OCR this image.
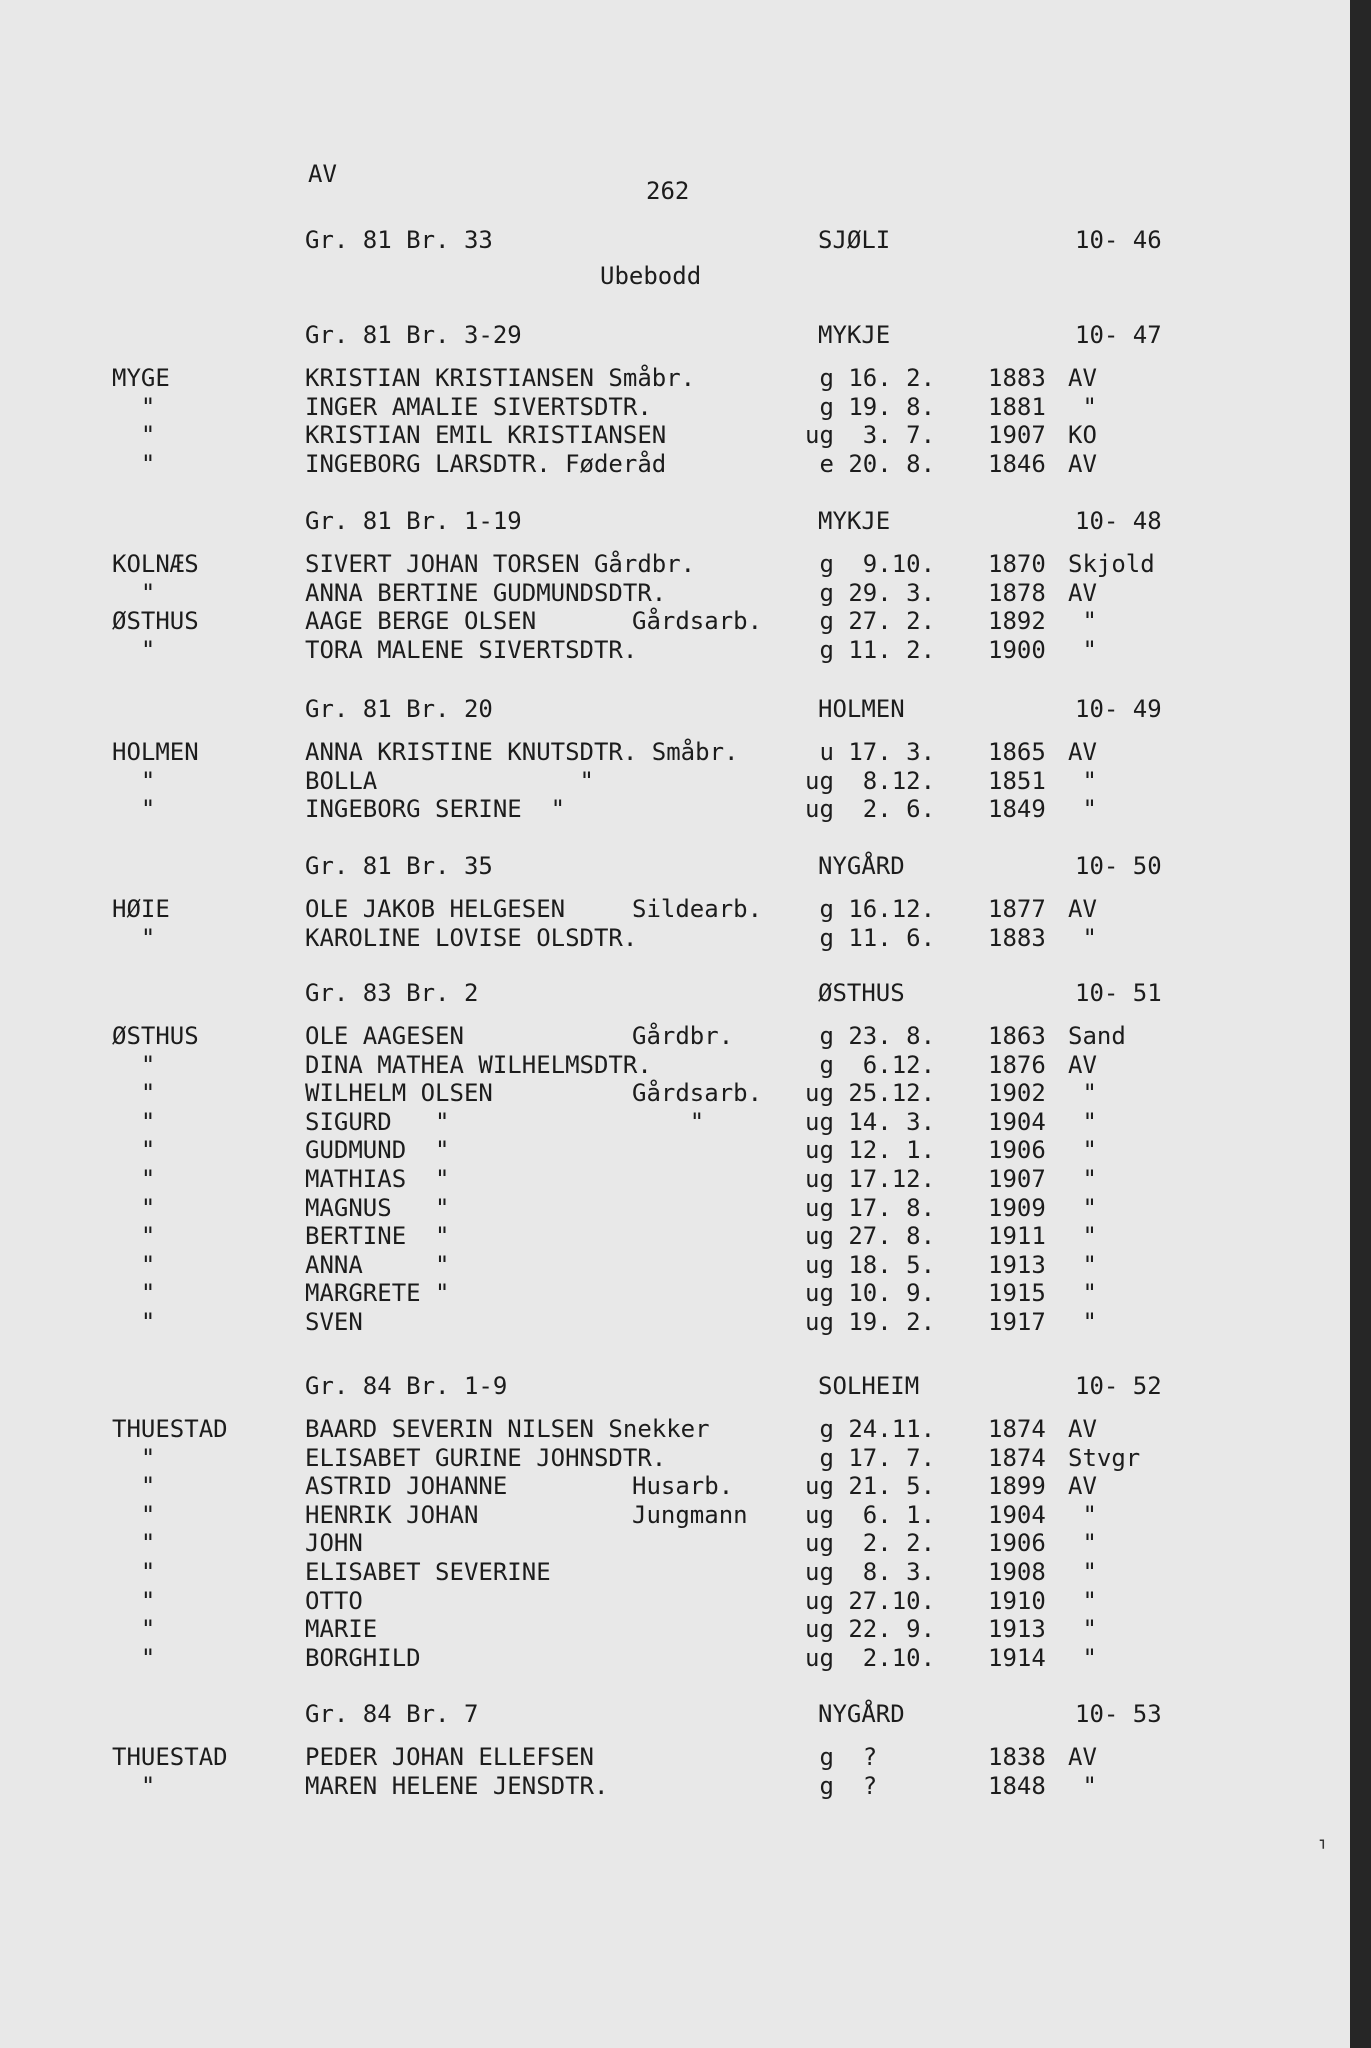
AV
262
Ubebodd
Gr. 81 Br. 33	SJØLI	10- 46
Gr. 81 Br. 3-29	MYKJE	10- 47
MYGE	KRISTIAN KRISTIANSEN Småbr.	g 16. 2. 1883 AV
"	INGER AMALIE SIVERTSDTR.	g 19. 8. 1881 "
"	KRISTIAN EMIL KRISTIANSEN	ug  3. 7. 1907 KO
"	INGEBORG LARSDTR. Føderåd	e 20. 8. 1846 AV
Gr. 81 Br. 1-19	MYKJE	10- 48
KOLNÆS	SIVERT JOHAN TORSEN Gårdbr.	g  9.10. 1870 Skjold
"	ANNA BERTINE GUDMUNDSDTR.	g 29. 3. 1878 AV
ØSTHUS	AAGE BERGE OLSEN	Gårdsarb. g 27. 2. 1892 "
"	TORA MALENE SIVERTSDTR.	g 11. 2. 1900 "
Gr. 81 Br. 20	HOLMEN	10- 49
HOLMEN	ANNA KRISTINE KNUTSDTR. Småbr.	u 17. 3. 1865 AV
"	BOLLA              "	ug  8.12. 1851 "
"	INGEBORG SERINE  "	ug  2. 6. 1849 "
Gr. 81 Br. 35	NYGÅRD	10- 50
HØIE	OLE JAKOB HELGESEN	Sildearb. g 16.12. 1877 AV
"	KAROLINE LOVISE OLSDTR.	g 11. 6. 1883 "
Gr. 83 Br. 2	ØSTHUS	10- 51
ØSTHUS	OLE AAGESEN	Gårdbr.	g 23. 8. 1863 Sand
"	DINA MATHEA WILHELMSDTR.	g  6.12. 1876 AV
"	WILHELM OLSEN	Gårdsarb. ug 25.12. 1902 "
"	SIGURD   "	"	ug 14. 3. 1904 "
"	GUDMUND  "	ug 12. 1. 1906 "
"	MATHIAS  "	ug 17.12. 1907 "
"	MAGNUS   "	ug 17. 8. 1909 "
"	BERTINE  "	ug 27. 8. 1911 "
"	ANNA     "	ug 18. 5. 1913 "
"	MARGRETE "	ug 10. 9. 1915 "
"	SVEN	ug 19. 2. 1917 "
Gr. 84 Br. 1-9	SOLHEIM	10- 52
THUESTAD	BAARD SEVERIN NILSEN Snekker	g 24.11. 1874 AV
"	ELISABET GURINE JOHNSDTR.	g 17. 7. 1874 Stvgr
"	ASTRID JOHANNE	Husarb.	ug 21. 5. 1899 AV
"	HENRIK JOHAN	Jungmann ug  6. 1. 1904 "
"	JOHN	ug  2. 2. 1906 "
"	ELISABET SEVERINE	ug  8. 3. 1908 "
"	OTTO	ug 27.10. 1910 "
"	MARIE	ug 22. 9. 1913 "
"	BORGHILD	ug  2.10. 1914 "
Gr. 84 Br. 7	NYGÅRD	10- 53
THUESTAD	PEDER JOHAN ELLEFSEN	g  ?	1838 AV
"	MAREN HELENE JENSDTR.	g  ?	1848 "
⌐
